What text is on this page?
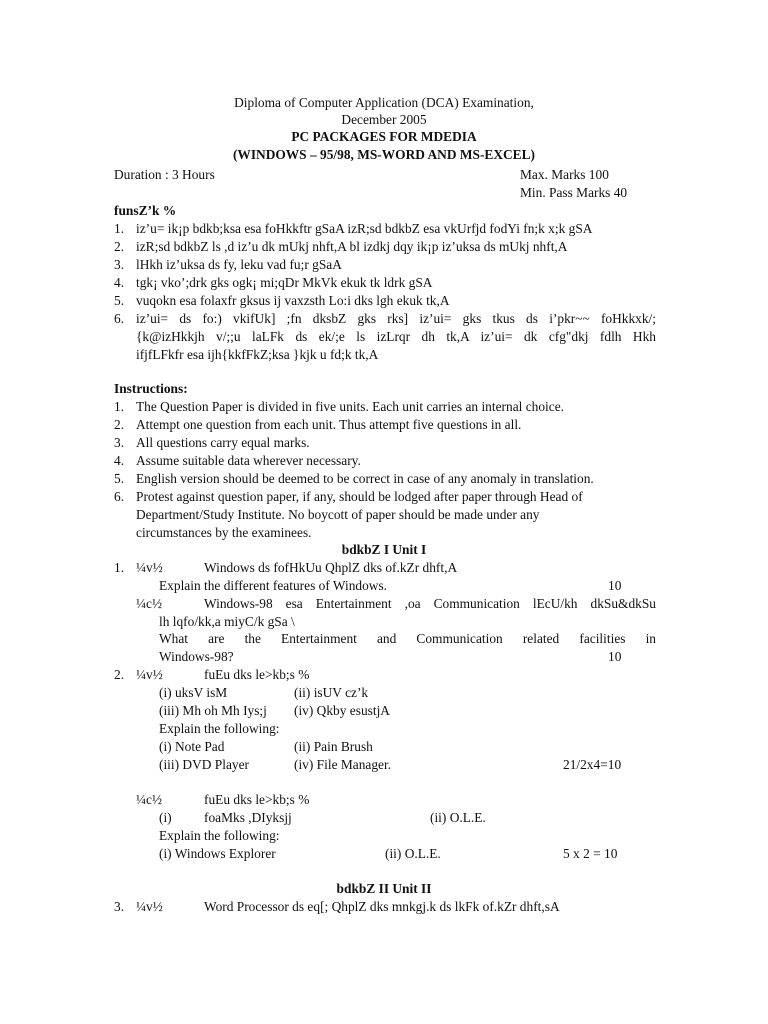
Diploma of Computer Application (DCA) Examination,
December 2005
PC PACKAGES FOR MDEDIA
(WINDOWS – 95/98, MS-WORD AND MS-EXCEL)
Duration : 3 Hours	Max. Marks 100
Min. Pass Marks 40
funsZ’k %
1. iz’u= ik¡p bdkb;ksa esa foHkkftr gSaA izR;sd bdkbZ esa vkUrfjd fodYi fn;k x;k gSA
2. izR;sd bdkbZ ls ,d iz’u dk mUkj nhft,A bl izdkj dqy ik¡p iz’uksa ds mUkj nhft,A
3. lHkh iz’uksa ds fy, leku vad fu;r gSaA
4. tgk¡ vko’;drk gks ogk¡ mi;qDr MkVk ekuk tk ldrk gSA
5. vuqokn esa folaxfr gksus ij vaxzsth Lo:i dks lgh ekuk tk,A
6. iz’ui= ds fo:) vkifUk] ;fn dksbZ gks rks] iz’ui= gks tkus ds i’pkr~~ foHkkxk/;
{k@izHkkjh v/;;u laLFk ds ek/;e ls izLrqr dh tk,A iz’ui= dk cfg"dkj fdlh Hkh
ifjfLFkfr esa ijh{kkfFkZ;ksa }kjk u fd;k tk,A
Instructions:
1. The Question Paper is divided in five units. Each unit carries an internal choice.
2. Attempt one question from each unit. Thus attempt five questions in all.
3. All questions carry equal marks.
4. Assume suitable data wherever necessary.
5. English version should be deemed to be correct in case of any anomaly in translation.
6. Protest against question paper, if any, should be lodged after paper through Head of
Department/Study Institute. No boycott of paper should be made under any
circumstances by the examinees.
bdkbZ I Unit I
1. ¼v½	Windows ds fofHkUu QhplZ dks of.kZr dhft,A
Explain the different features of Windows.	10
¼c½	Windows-98 esa Entertainment ,oa Communication lEcU/kh dkSu&dkSu
lh lqfo/kk,a miyC/k gSa \
What are the Entertainment and Communication related facilities in
Windows-98?	10
2. ¼v½	fuEu dks le>kb;s %
(i) uksV isM	(ii) isUV cz’k
(iii) Mh oh Mh Iys;j (iv) Qkby esustjA
Explain the following:
(i) Note Pad	(ii) Pain Brush
(iii) DVD Player	(iv) File Manager.	21/2x4=10
¼c½	fuEu dks le>kb;s %
(i) foaMks ,DIyksjj	(ii) O.L.E.
Explain the following:
(i) Windows Explorer	(ii) O.L.E.	5 x 2 = 10
bdkbZ II Unit II
3. ¼v½	Word Processor ds eq[; QhplZ dks mnkgj.k ds lkFk of.kZr dhft,sA
